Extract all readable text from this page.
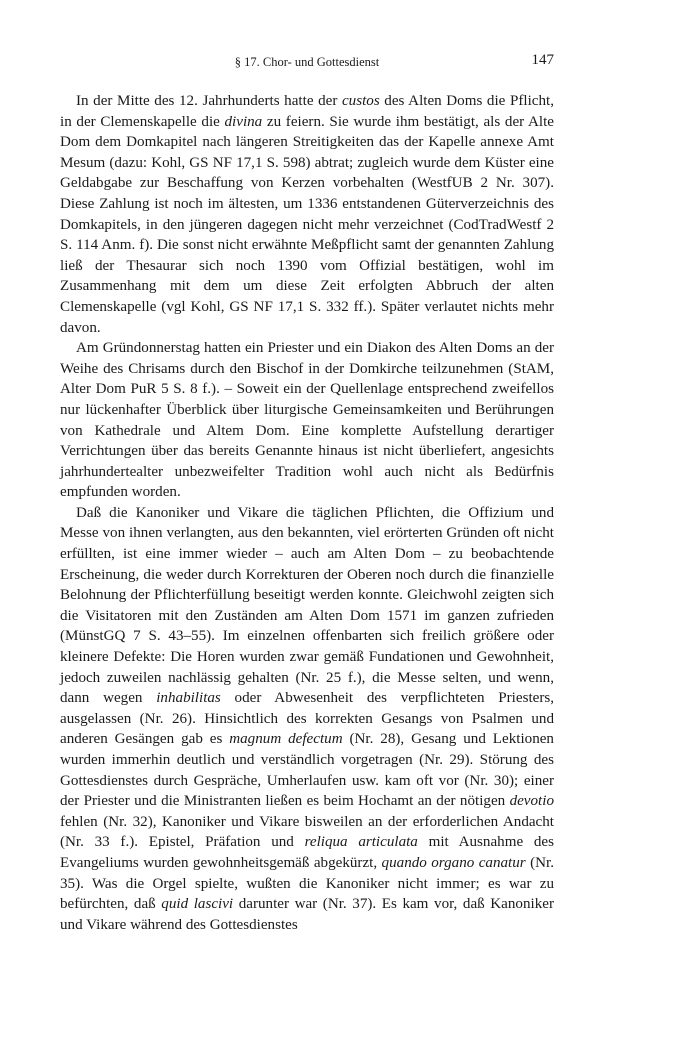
§ 17. Chor- und Gottesdienst	147

In der Mitte des 12. Jahrhunderts hatte der custos des Alten Doms die Pflicht, in der Clemenskapelle die divina zu feiern. Sie wurde ihm bestätigt, als der Alte Dom dem Domkapitel nach längeren Streitigkeiten das der Kapelle annexe Amt Mesum (dazu: Kohl, GS NF 17,1 S. 598) abtrat; zugleich wurde dem Küster eine Geldabgabe zur Beschaffung von Kerzen vorbehalten (WestfUB 2 Nr. 307). Diese Zahlung ist noch im ältesten, um 1336 entstandenen Güterverzeichnis des Domkapitels, in den jüngeren dagegen nicht mehr verzeichnet (CodTradWestf 2 S. 114 Anm. f). Die sonst nicht erwähnte Meßpflicht samt der genannten Zahlung ließ der Thesaurar sich noch 1390 vom Offizial bestätigen, wohl im Zusammenhang mit dem um diese Zeit erfolgten Abbruch der alten Clemenskapelle (vgl Kohl, GS NF 17,1 S. 332 ff.). Später verlautet nichts mehr davon.

Am Gründonnerstag hatten ein Priester und ein Diakon des Alten Doms an der Weihe des Chrisams durch den Bischof in der Domkirche teilzunehmen (StAM, Alter Dom PuR 5 S. 8 f.). – Soweit ein der Quellenlage entsprechend zweifellos nur lückenhafter Überblick über liturgische Gemeinsamkeiten und Berührungen von Kathedrale und Altem Dom. Eine komplette Aufstellung derartiger Verrichtungen über das bereits Genannte hinaus ist nicht überliefert, angesichts jahrhundertealter unbezweifelter Tradition wohl auch nicht als Bedürfnis empfunden worden.

Daß die Kanoniker und Vikare die täglichen Pflichten, die Offizium und Messe von ihnen verlangten, aus den bekannten, viel erörterten Gründen oft nicht erfüllten, ist eine immer wieder – auch am Alten Dom – zu beobachtende Erscheinung, die weder durch Korrekturen der Oberen noch durch die finanzielle Belohnung der Pflichterfüllung beseitigt werden konnte. Gleichwohl zeigten sich die Visitatoren mit den Zuständen am Alten Dom 1571 im ganzen zufrieden (MünstGQ 7 S. 43–55). Im einzelnen offenbarten sich freilich größere oder kleinere Defekte: Die Horen wurden zwar gemäß Fundationen und Gewohnheit, jedoch zuweilen nachlässig gehalten (Nr. 25 f.), die Messe selten, und wenn, dann wegen inhabilitas oder Abwesenheit des verpflichteten Priesters, ausgelassen (Nr. 26). Hinsichtlich des korrekten Gesangs von Psalmen und anderen Gesängen gab es magnum defectum (Nr. 28), Gesang und Lektionen wurden immerhin deutlich und verständlich vorgetragen (Nr. 29). Störung des Gottesdienstes durch Gespräche, Umherlaufen usw. kam oft vor (Nr. 30); einer der Priester und die Ministranten ließen es beim Hochamt an der nötigen devotio fehlen (Nr. 32), Kanoniker und Vikare bisweilen an der erforderlichen Andacht (Nr. 33 f.). Epistel, Präfation und reliqua articulata mit Ausnahme des Evangeliums wurden gewohnheitsgemäß abgekürzt, quando organo canatur (Nr. 35). Was die Orgel spielte, wußten die Kanoniker nicht immer; es war zu befürchten, daß quid lascivi darunter war (Nr. 37). Es kam vor, daß Kanoniker und Vikare während des Gottesdienstes
